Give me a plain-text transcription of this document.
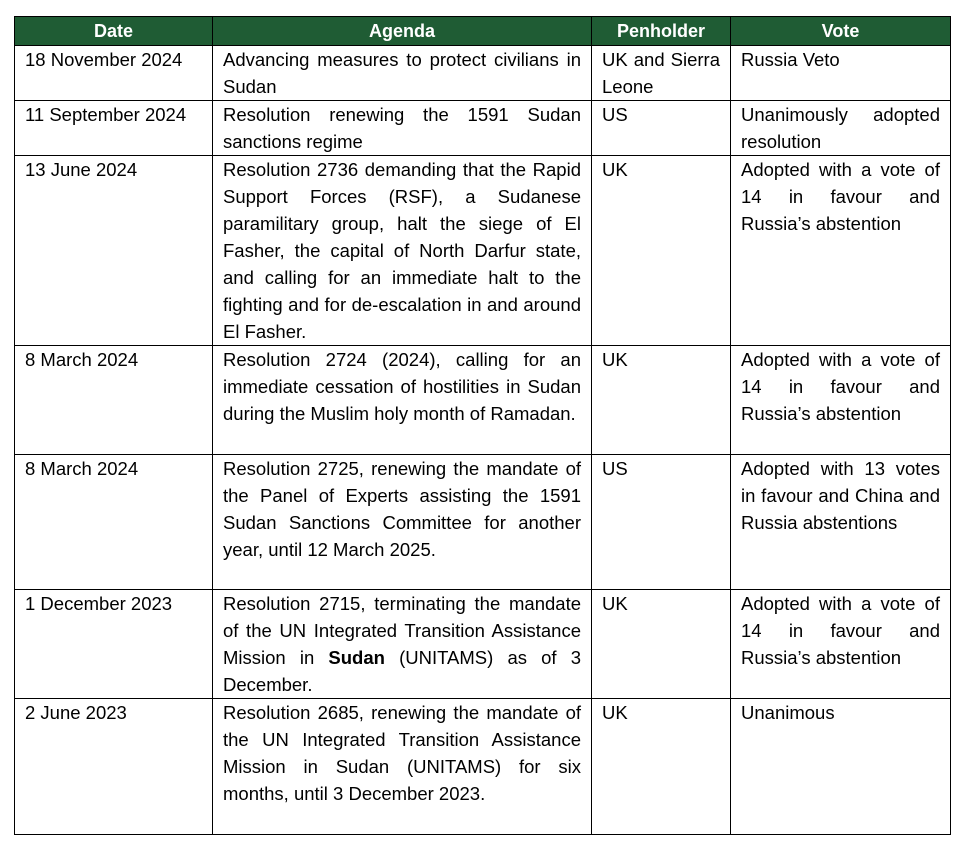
Date	Agenda	Penholder	Vote
18 November 2024	Advancing measures to protect civilians in Sudan	UK and Sierra Leone	Russia Veto
11 September 2024	Resolution renewing the 1591 Sudan sanctions regime	US	Unanimously adopted resolution
13 June 2024	Resolution 2736 demanding that the Rapid Support Forces (RSF), a Sudanese paramilitary group, halt the siege of El Fasher, the capital of North Darfur state, and calling for an immediate halt to the fighting and for de-escalation in and around El Fasher.	UK	Adopted with a vote of 14 in favour and Russia’s abstention
8 March 2024	Resolution 2724 (2024), calling for an immediate cessation of hostilities in Sudan during the Muslim holy month of Ramadan.	UK	Adopted with a vote of 14 in favour and Russia’s abstention
8 March 2024	Resolution 2725, renewing the mandate of the Panel of Experts assisting the 1591 Sudan Sanctions Committee for another year, until 12 March 2025.	US	Adopted with 13 votes in favour and China and Russia abstentions
1 December 2023	Resolution 2715, terminating the mandate of the UN Integrated Transition Assistance Mission in Sudan (UNITAMS) as of 3 December.	UK	Adopted with a vote of 14 in favour and Russia’s abstention
2 June 2023	Resolution 2685, renewing the mandate of the UN Integrated Transition Assistance Mission in Sudan (UNITAMS) for six months, until 3 December 2023.	UK	Unanimous
